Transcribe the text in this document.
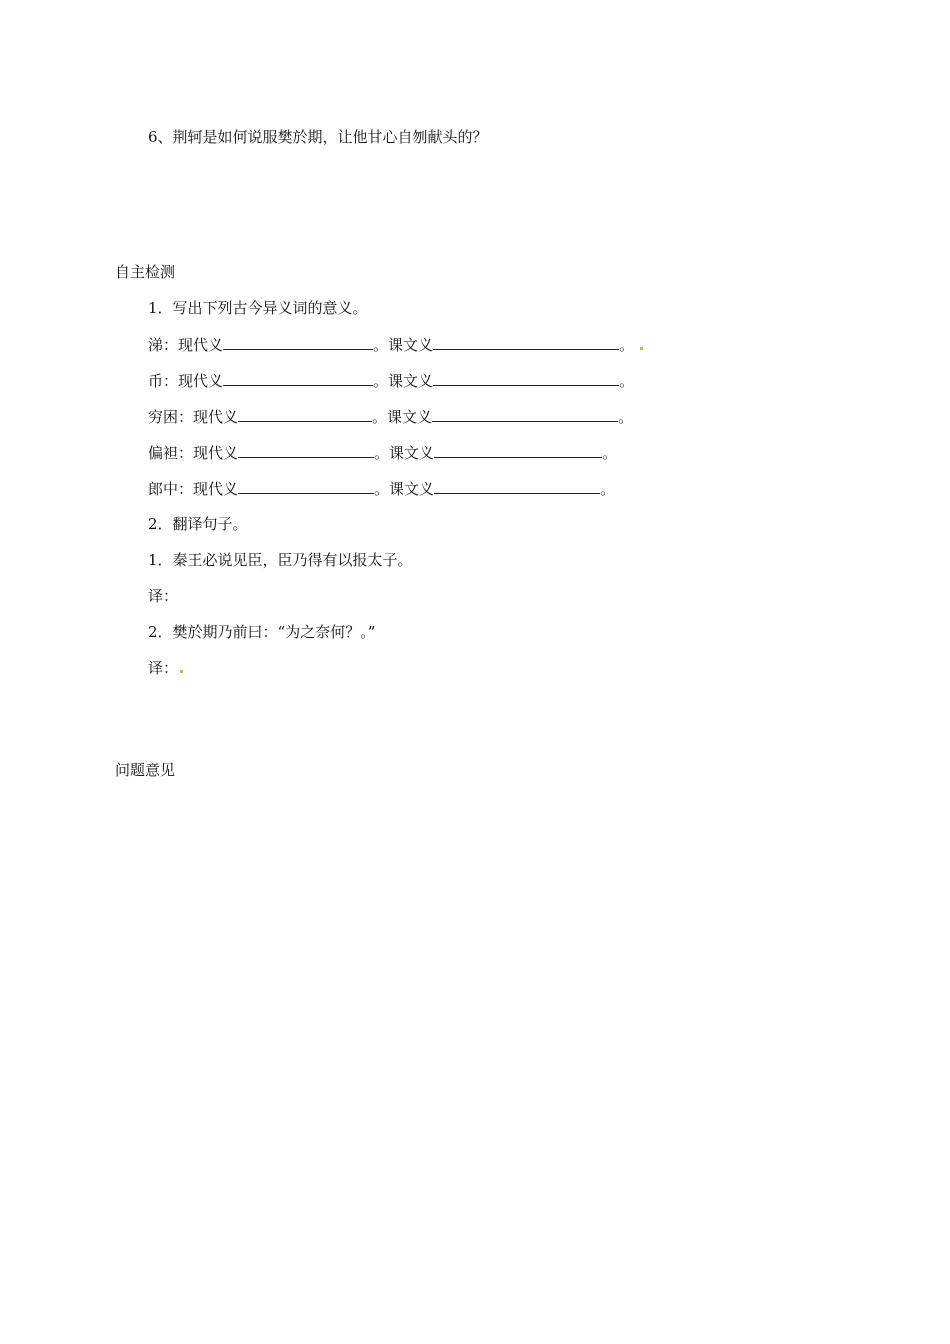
6、荆轲是如何说服樊於期，让他甘心自刎献头的？
自主检测
1．写出下列古今异义词的意义。
涕：现代义	。课文义	。
币：现代义	。课文义	。
穷困：现代义	。课文义	。
偏袒：现代义	。课文义	。
郎中：现代义	。课文义	。
2．翻译句子。
1．秦王必说见臣，臣乃得有以报太子。
译：
2．樊於期乃前曰：“为之奈何？。”
译：
问题意见
